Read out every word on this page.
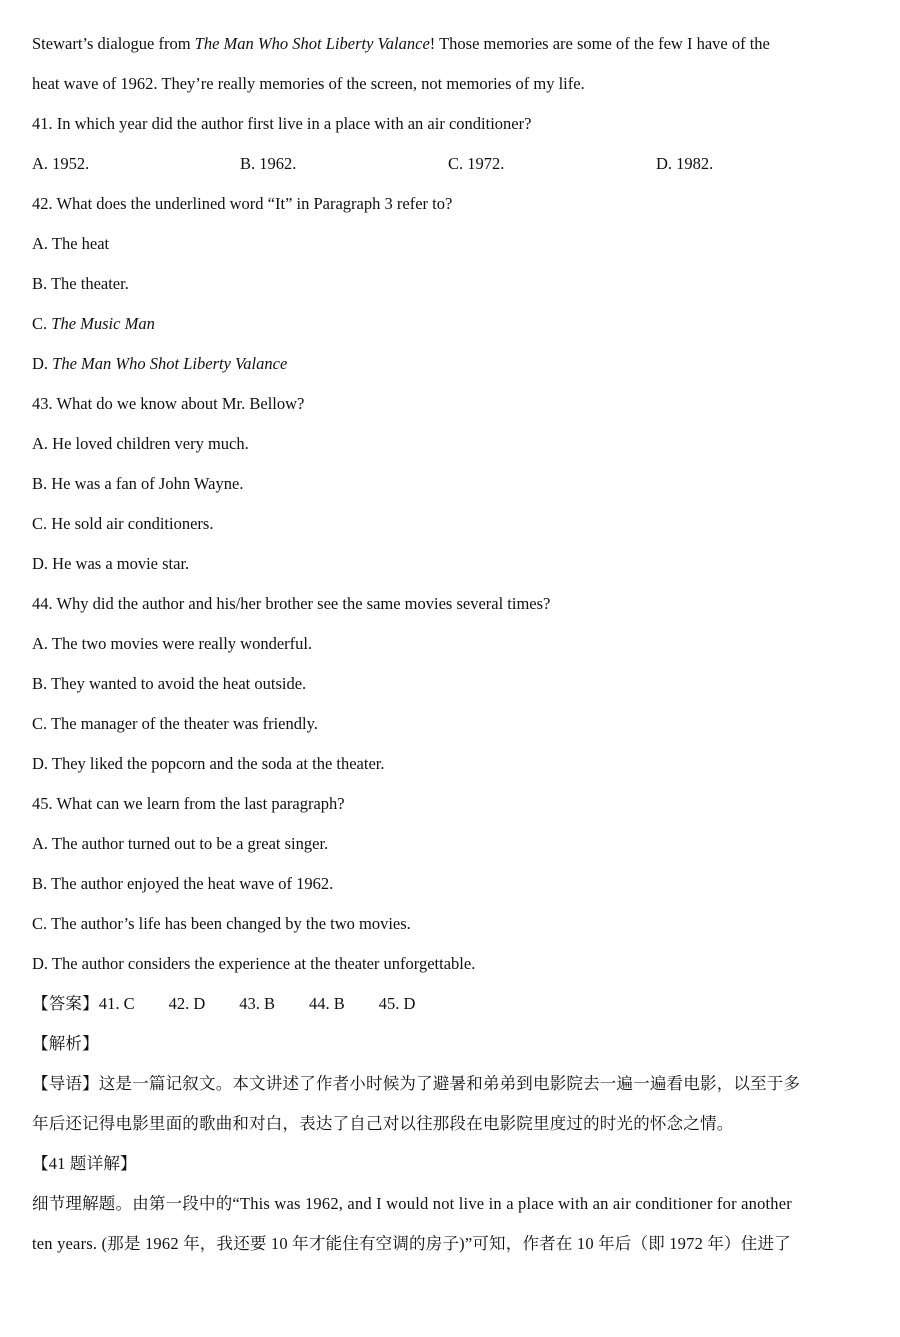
Stewart’s dialogue from The Man Who Shot Liberty Valance! Those memories are some of the few I have of the
heat wave of 1962. They’re really memories of the screen, not memories of my life.
41. In which year did the author first live in a place with an air conditioner?
A. 1952.	B. 1962.	C. 1972.	D. 1982.
42. What does the underlined word “It” in Paragraph 3 refer to?
A. The heat
B. The theater.
C. The Music Man
D. The Man Who Shot Liberty Valance
43. What do we know about Mr. Bellow?
A. He loved children very much.
B. He was a fan of John Wayne.
C. He sold air conditioners.
D. He was a movie star.
44. Why did the author and his/her brother see the same movies several times?
A. The two movies were really wonderful.
B. They wanted to avoid the heat outside.
C. The manager of the theater was friendly.
D. They liked the popcorn and the soda at the theater.
45. What can we learn from the last paragraph?
A. The author turned out to be a great singer.
B. The author enjoyed the heat wave of 1962.
C. The author’s life has been changed by the two movies.
D. The author considers the experience at the theater unforgettable.
【答案】 41. C 42. D 43. B 44. B 45. D
【解析】
【导语】这是一篇记叙文。本文讲述了作者小时候为了避暑和弟弟到电影院去一遍一遍看电影，以至于多
年后还记得电影里面的歌曲和对白，表达了自己对以往那段在电影院里度过的时光的怀念之情。
【41 题详解】
细节理解题。由第一段中的“This was 1962, and I would not live in a place with an air conditioner for another
ten years. (那是 1962 年，我还要 10 年才能住有空调的房子)”可知，作者在 10 年后（即 1972 年）住进了
